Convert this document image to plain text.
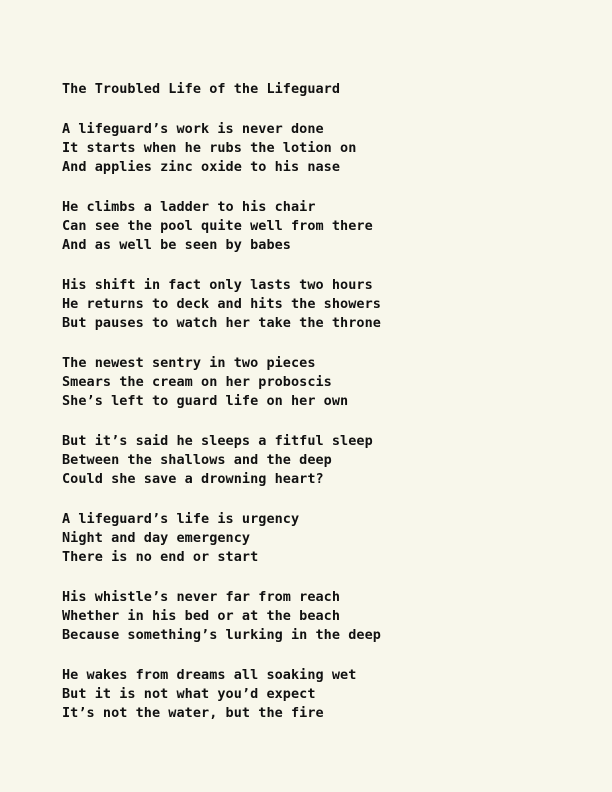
The Troubled Life of the Lifeguard
A lifeguard’s work is never done
It starts when he rubs the lotion on
And applies zinc oxide to his nase
He climbs a ladder to his chair
Can see the pool quite well from there
And as well be seen by babes
His shift in fact only lasts two hours
He returns to deck and hits the showers
But pauses to watch her take the throne
The newest sentry in two pieces
Smears the cream on her proboscis
She’s left to guard life on her own
But it’s said he sleeps a fitful sleep
Between the shallows and the deep
Could she save a drowning heart?
A lifeguard’s life is urgency
Night and day emergency
There is no end or start
His whistle’s never far from reach
Whether in his bed or at the beach
Because something’s lurking in the deep
He wakes from dreams all soaking wet
But it is not what you’d expect
It’s not the water, but the fire
